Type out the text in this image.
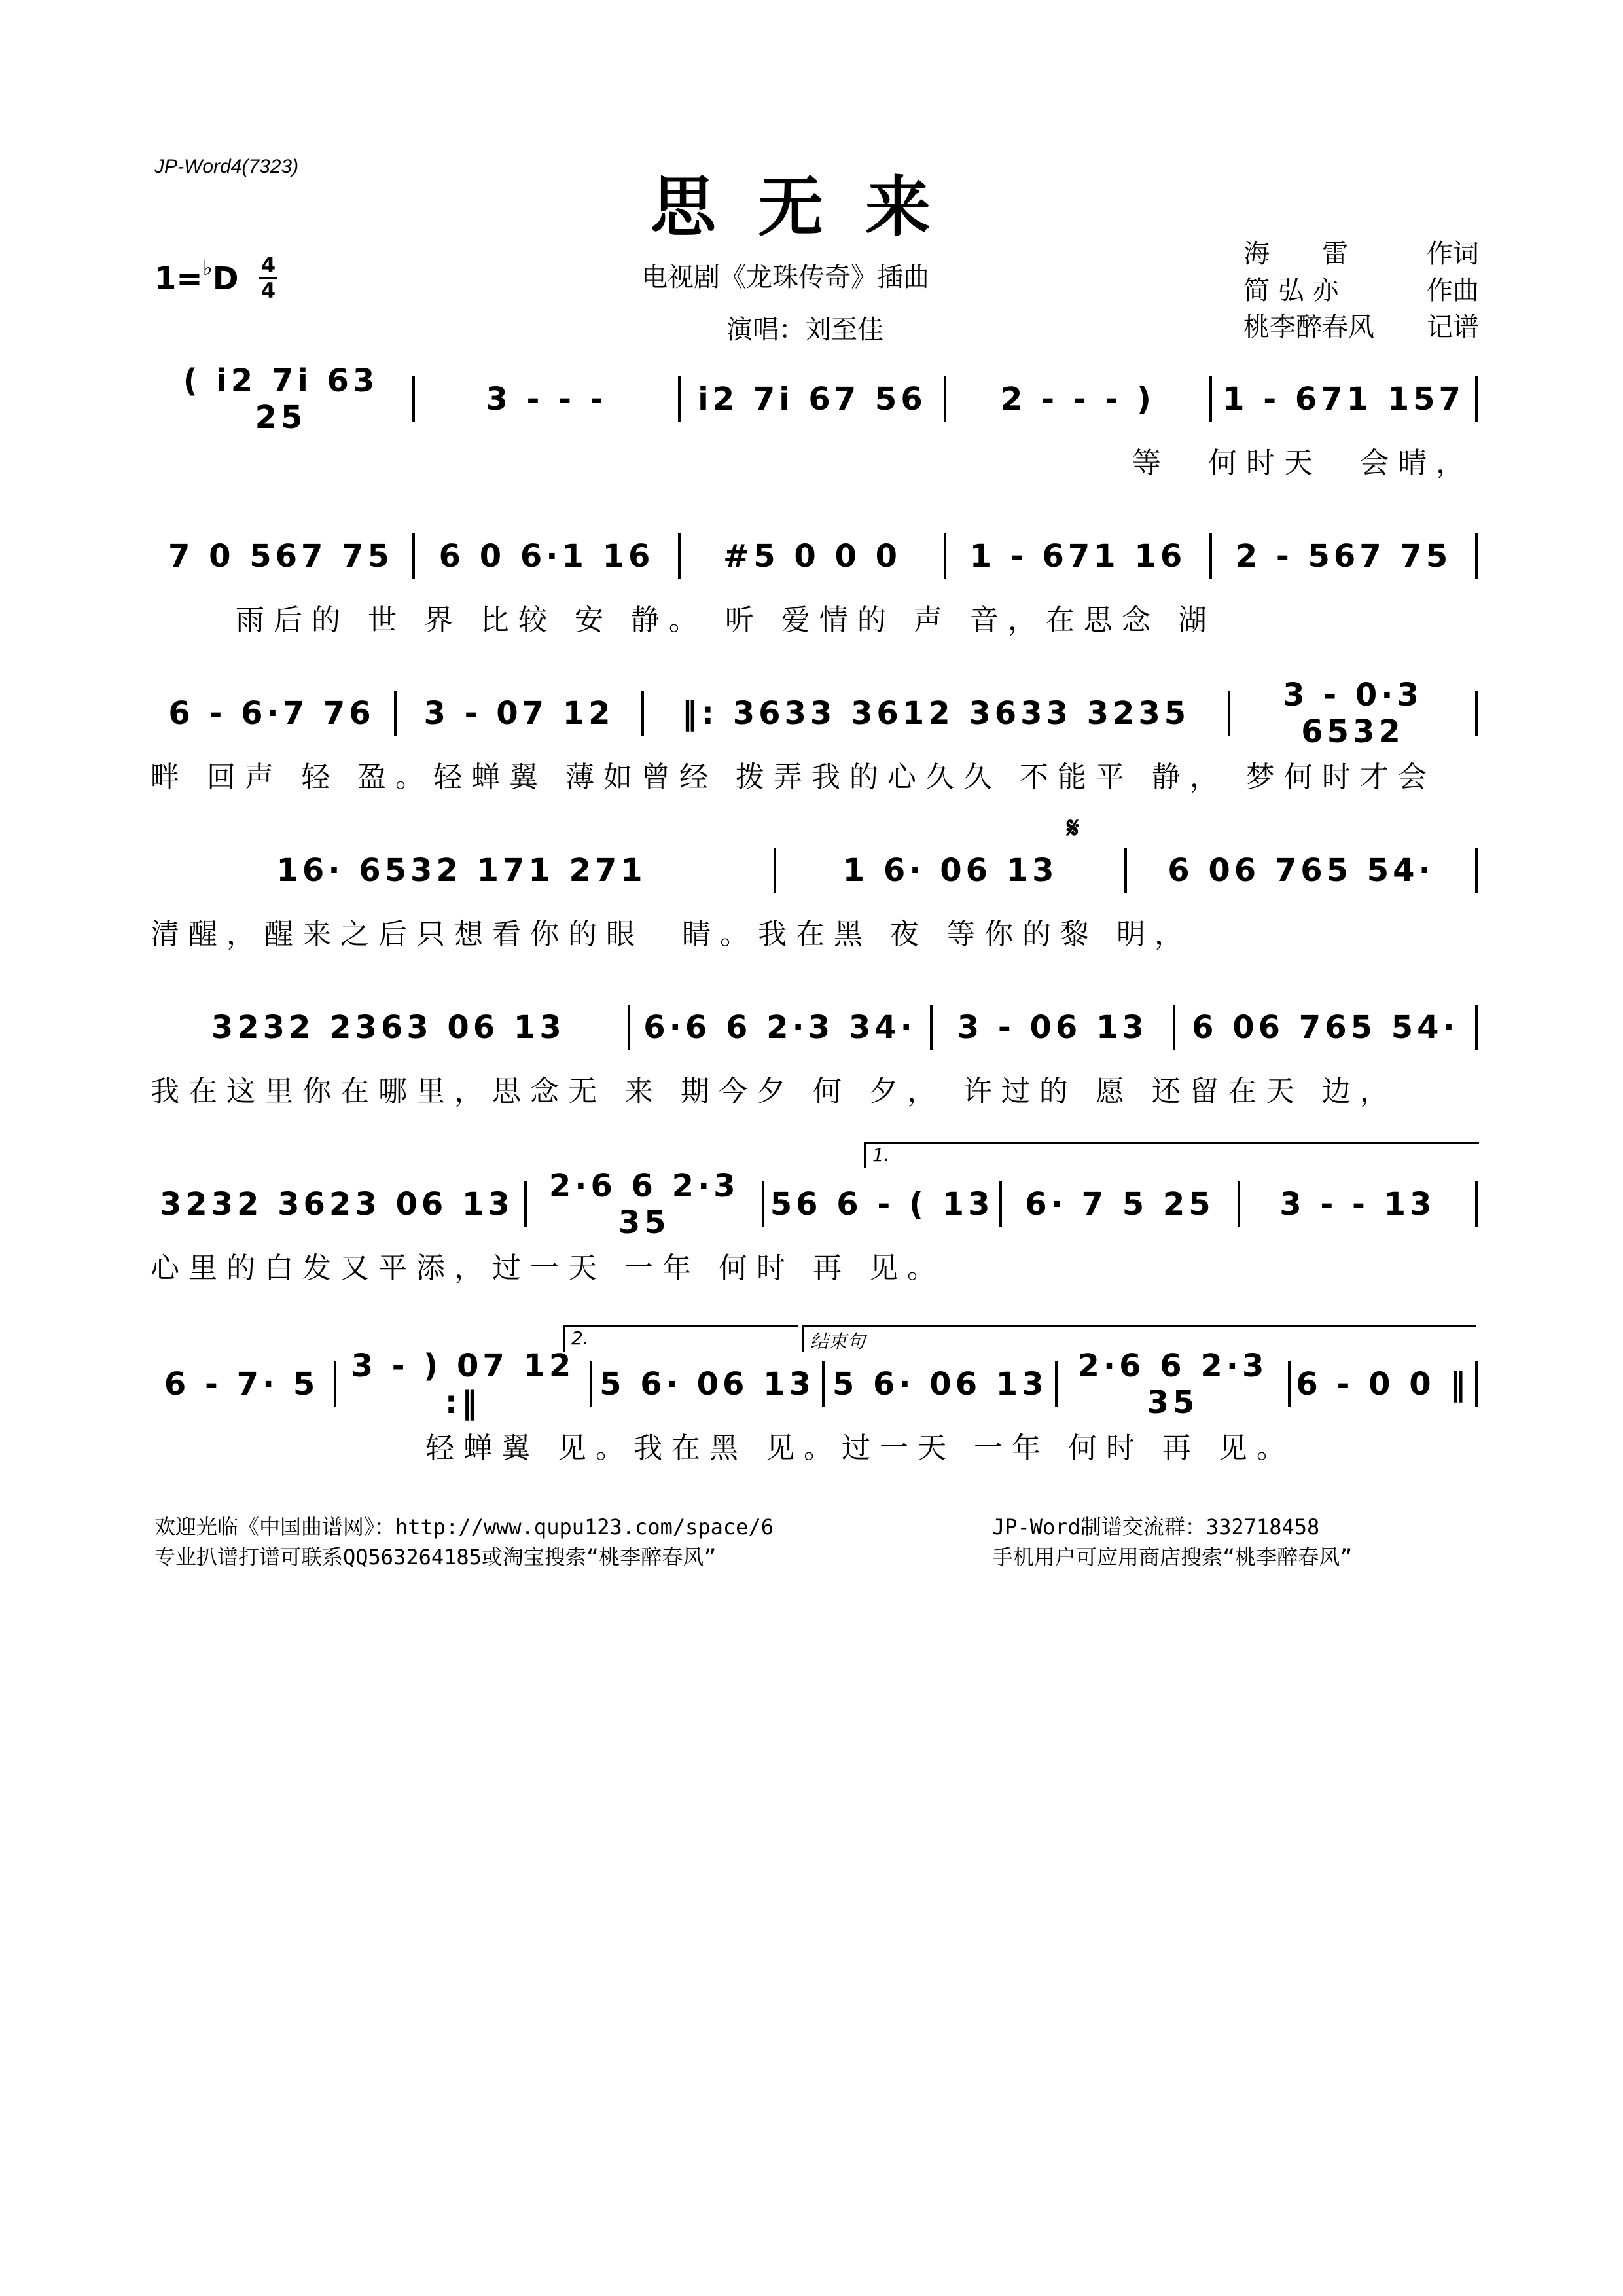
JP-Word4(7323)
思无来
1=♭D 4
4	电视剧《龙珠传奇》插曲
演唱：刘至佳
海　　雷	作词
简 弘 亦	作曲
桃李醉春风 记谱
( i2 7i 63 25	3 - - -	i2 7i 67 56	2 - - - )	1 - 671 157
等　何时天　会晴，
7 0 567 75	6 0 6·1 16	#5 0 0 0	1 - 671 16	2 - 567 75
雨后的 世 界 比较 安 静。 听 爱情的 声 音，在思念 湖
6 - 6·7 76	3 - 07 12	‖: 3633 3612 3633 3235	3 - 0·3 6532
畔 回声 轻 盈。轻蝉翼 薄如曾经 拨弄我的心久久 不能平 静， 梦何时才会
𝄋
16· 6532 171 271	1 6· 06 13	6 06 765 54·
清醒，醒来之后只想看你的眼　睛。我在黑 夜 等你的黎 明，
3232 2363 06 13	6·6 6 2·3 34·	3 - 06 13	6 06 765 54·
我在这里你在哪里，思念无 来 期今夕 何 夕， 许过的 愿 还留在天 边，
1.
3232 3623 06 13	2·6 6 2·3 35	56 6 - ( 13 6· 7 5 25	3 - - 13
心里的白发又平添，过一天 一年 何时 再 见。
2.	结束句
6 - 7· 5	3 - ) 07 12 :‖	5 6· 06 13 5 6· 06 13 2·6 6 2·3 35	6 - 0 0 ‖
轻蝉翼 见。我在黑 见。过一天 一年 何时 再 见。
欢迎光临《中国曲谱网》：http://www.qupu123.com/space/6
专业扒谱打谱可联系QQ563264185或淘宝搜索“桃李醉春风”
JP-Word制谱交流群：332718458
手机用户可应用商店搜索“桃李醉春风”
